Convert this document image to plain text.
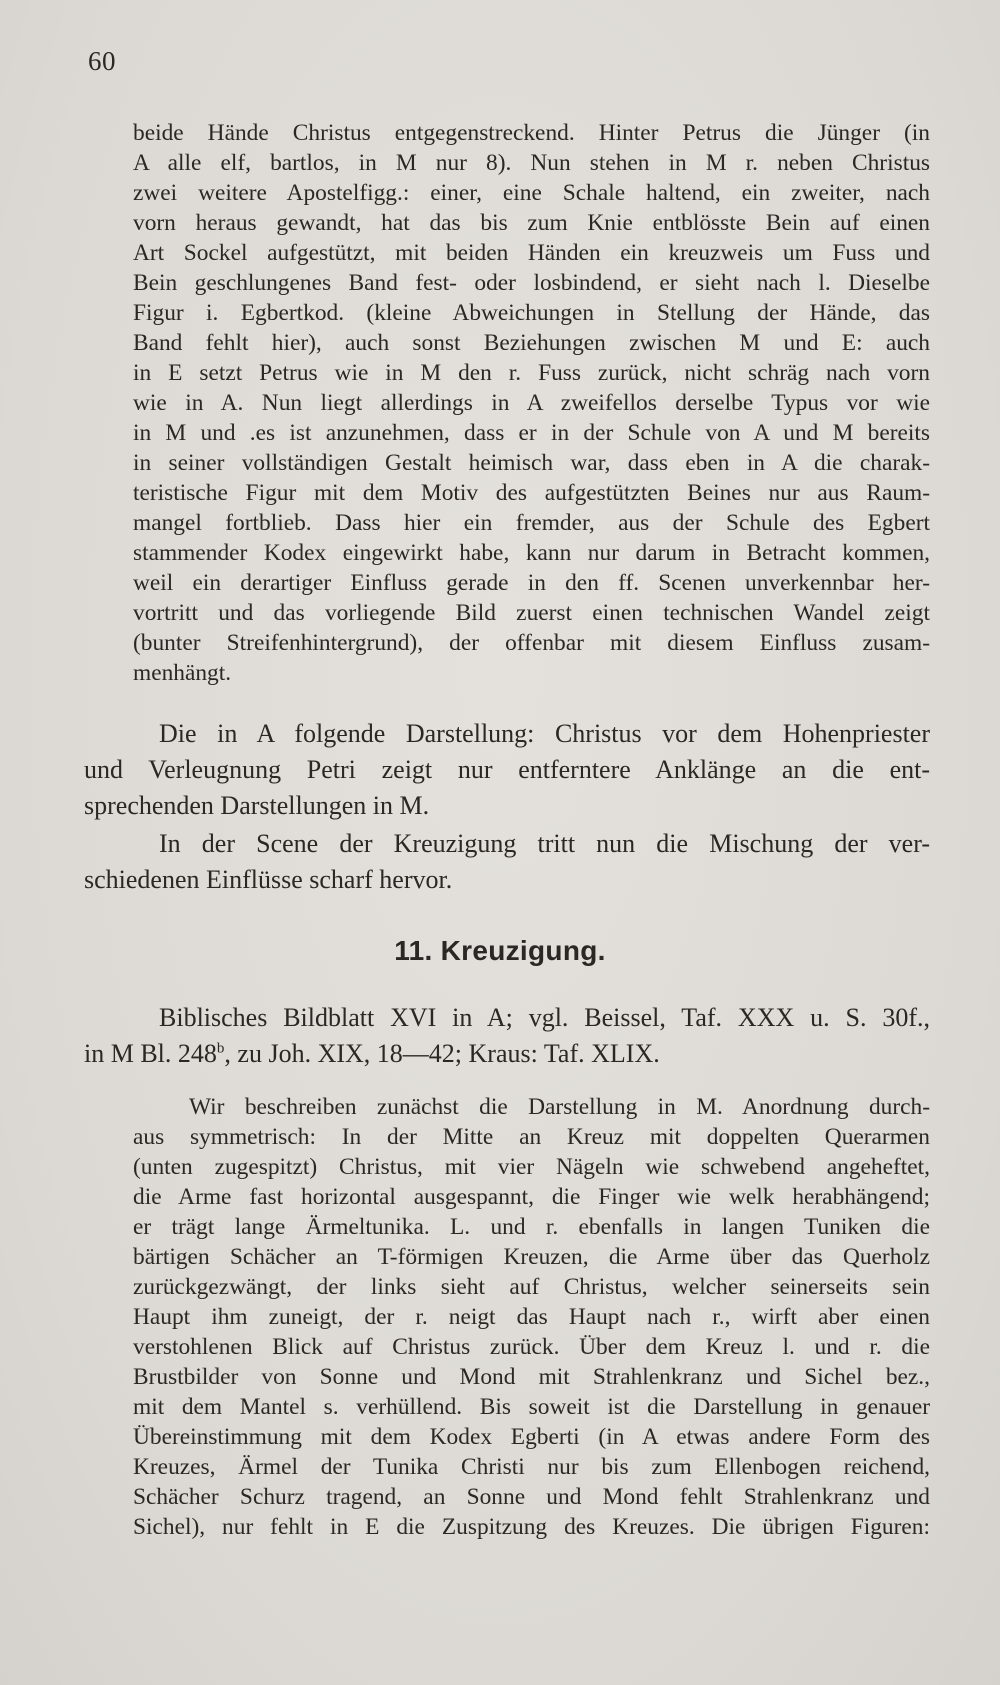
60
beide Hände Christus entgegenstreckend. Hinter Petrus die Jünger (in
A alle elf, bartlos, in M nur 8). Nun stehen in M r. neben Christus
zwei weitere Apostelfigg.: einer, eine Schale haltend, ein zweiter, nach
vorn heraus gewandt, hat das bis zum Knie entblösste Bein auf einen
Art Sockel aufgestützt, mit beiden Händen ein kreuzweis um Fuss und
Bein geschlungenes Band fest- oder losbindend, er sieht nach l. Dieselbe
Figur i. Egbertkod. (kleine Abweichungen in Stellung der Hände, das
Band fehlt hier), auch sonst Beziehungen zwischen M und E: auch
in E setzt Petrus wie in M den r. Fuss zurück, nicht schräg nach vorn
wie in A. Nun liegt allerdings in A zweifellos derselbe Typus vor wie
in M und .es ist anzunehmen, dass er in der Schule von A und M bereits
in seiner vollständigen Gestalt heimisch war, dass eben in A die charak-
teristische Figur mit dem Motiv des aufgestützten Beines nur aus Raum-
mangel fortblieb. Dass hier ein fremder, aus der Schule des Egbert
stammender Kodex eingewirkt habe, kann nur darum in Betracht kommen,
weil ein derartiger Einfluss gerade in den ff. Scenen unverkennbar her-
vortritt und das vorliegende Bild zuerst einen technischen Wandel zeigt
(bunter Streifenhintergrund), der offenbar mit diesem Einfluss zusam-
menhängt.
Die in A folgende Darstellung: Christus vor dem Hohenpriester
und Verleugnung Petri zeigt nur entferntere Anklänge an die ent-
sprechenden Darstellungen in M.
In der Scene der Kreuzigung tritt nun die Mischung der ver-
schiedenen Einflüsse scharf hervor.
11. Kreuzigung.
Biblisches Bildblatt XVI in A; vgl. Beissel, Taf. XXX u. S. 30f.,
in M Bl. 248$^b$, zu Joh. XIX, 18—42; Kraus: Taf. XLIX.
Wir beschreiben zunächst die Darstellung in M. Anordnung durch-
aus symmetrisch: In der Mitte an Kreuz mit doppelten Querarmen
(unten zugespitzt) Christus, mit vier Nägeln wie schwebend angeheftet,
die Arme fast horizontal ausgespannt, die Finger wie welk herabhängend;
er trägt lange Ärmeltunika. L. und r. ebenfalls in langen Tuniken die
bärtigen Schächer an T-förmigen Kreuzen, die Arme über das Querholz
zurückgezwängt, der links sieht auf Christus, welcher seinerseits sein
Haupt ihm zuneigt, der r. neigt das Haupt nach r., wirft aber einen
verstohlenen Blick auf Christus zurück. Über dem Kreuz l. und r. die
Brustbilder von Sonne und Mond mit Strahlenkranz und Sichel bez.,
mit dem Mantel s. verhüllend. Bis soweit ist die Darstellung in genauer
Übereinstimmung mit dem Kodex Egberti (in A etwas andere Form des
Kreuzes, Ärmel der Tunika Christi nur bis zum Ellenbogen reichend,
Schächer Schurz tragend, an Sonne und Mond fehlt Strahlenkranz und
Sichel), nur fehlt in E die Zuspitzung des Kreuzes. Die übrigen Figuren:
